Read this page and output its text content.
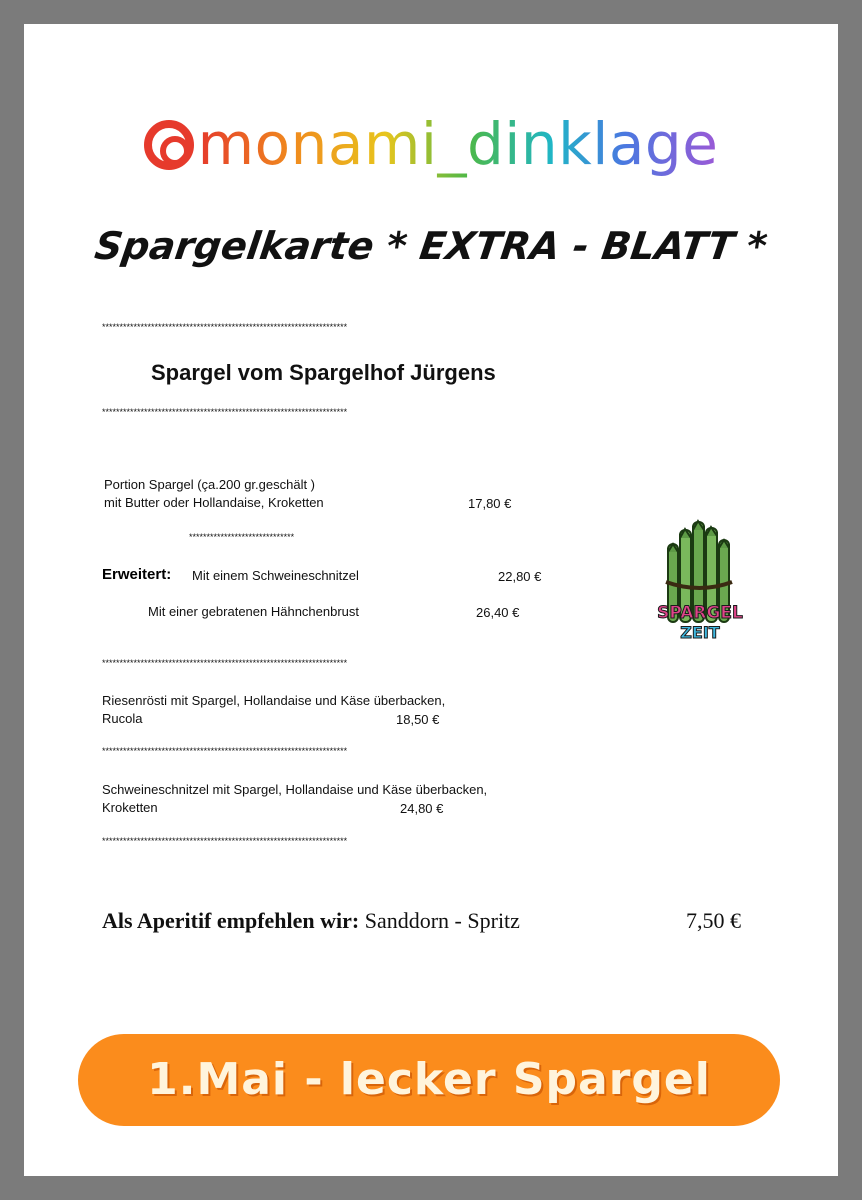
monami_dinklage
Spargelkarte * EXTRA - BLATT *
**********************************************************************
Spargel vom Spargelhof Jürgens
**********************************************************************
Portion Spargel (ça.200 gr.geschält )
mit Butter oder Hollandaise, Kroketten	17,80 €
******************************
Erweitert: Mit einem Schweineschnitzel	22,80 €
Mit einer gebratenen Hähnchenbrust	26,40 €
**********************************************************************
Riesenrösti mit Spargel, Hollandaise und Käse überbacken,
Rucola	18,50 €
**********************************************************************
Schweineschnitzel mit Spargel, Hollandaise und Käse überbacken,
Kroketten	24,80 €
**********************************************************************
Als Aperitif empfehlen wir: Sanddorn - Spritz	7,50 €
SPARGEL
ZEIT
1.Mai - lecker Spargel
